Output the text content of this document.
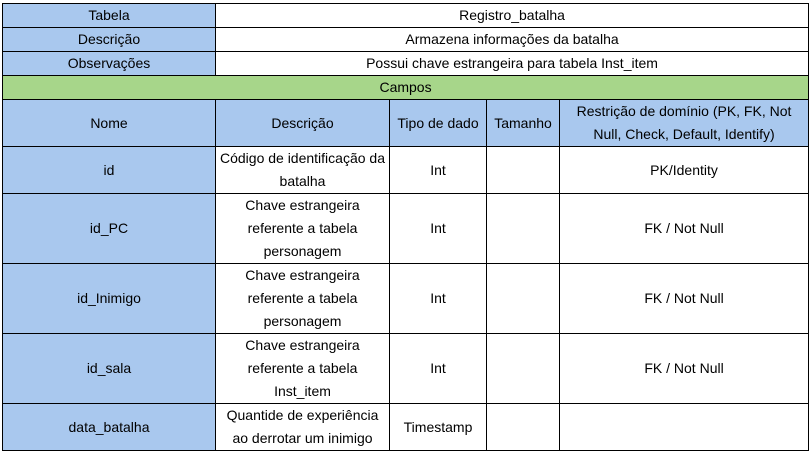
Tabela	Registro_batalha			
Descrição	Armazena informações da batalha			
Observações	Possui chave estrangeira para tabela Inst_item			
Campos				
Nome	Descrição	Tipo de dado	Tamanho	Restrição de domínio (PK, FK, Not Null, Check, Default, Identify)
id	Código de identificação da batalha	Int		PK/Identity
id_PC	Chave estrangeira referente a tabela personagem	Int		FK / Not Null
id_Inimigo	Chave estrangeira referente a tabela personagem	Int		FK / Not Null
id_sala	Chave estrangeira referente a tabela Inst_item	Int		FK / Not Null
data_batalha	Quantide de experiência ao derrotar um inimigo	Timestamp		
